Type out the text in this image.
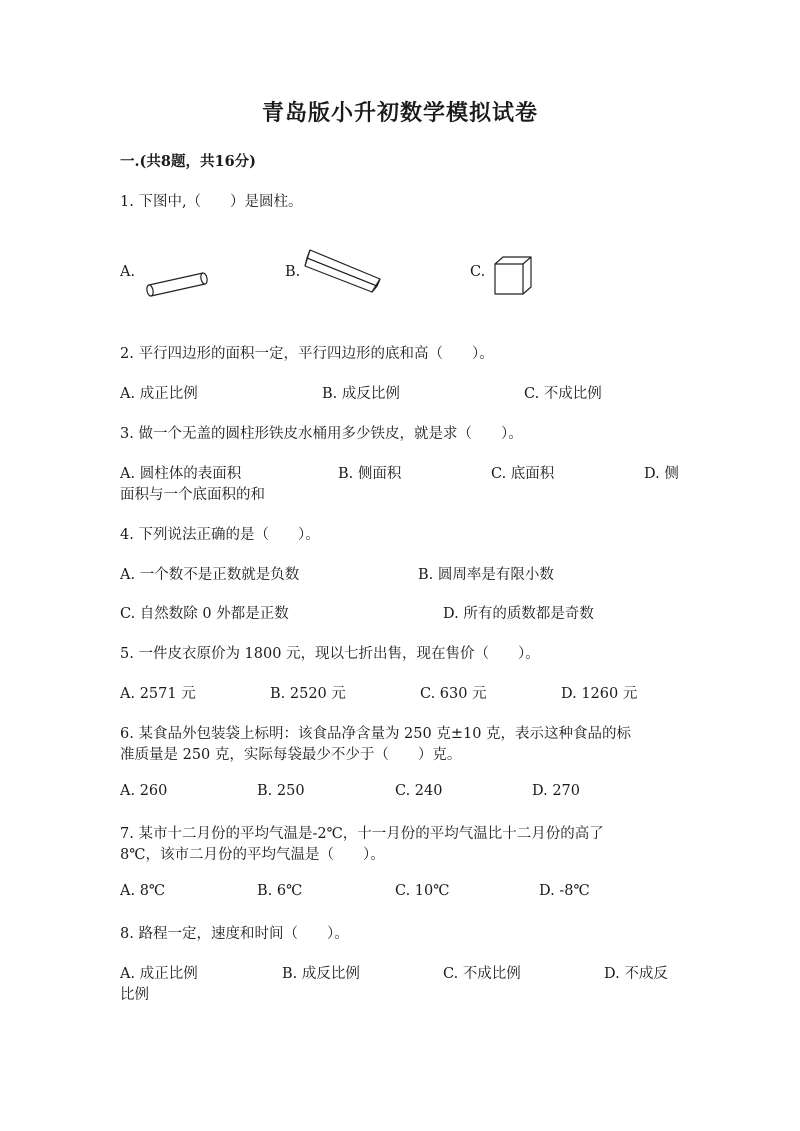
青岛版小升初数学模拟试卷
一.(共8题，共16分)
1. 下图中,（　　）是圆柱。
A.	B.	C.
2. 平行四边形的面积一定，平行四边形的底和高（　　）。
A. 成正比例	B. 成反比例	C. 不成比例
3. 做一个无盖的圆柱形铁皮水桶用多少铁皮，就是求（　　）。
A. 圆柱体的表面积	B. 侧面积	C. 底面积	D. 侧
面积与一个底面积的和
4. 下列说法正确的是（　　）。
A. 一个数不是正数就是负数	B. 圆周率是有限小数
C. 自然数除 0 外都是正数	D. 所有的质数都是奇数
5. 一件皮衣原价为 1800 元，现以七折出售，现在售价（　　）。
A. 2571 元	B. 2520 元	C. 630 元	D. 1260 元
6. 某食品外包装袋上标明：该食品净含量为 250 克±10 克，表示这种食品的标
准质量是 250 克，实际每袋最少不少于（　　）克。
A. 260	B. 250	C. 240	D. 270
7. 某市十二月份的平均气温是-2℃，十一月份的平均气温比十二月份的高了
8℃，该市二月份的平均气温是（　　）。
A. 8℃	B. 6℃	C. 10℃	D. -8℃
8. 路程一定，速度和时间（　　）。
A. 成正比例	B. 成反比例	C. 不成比例	D. 不成反
比例
